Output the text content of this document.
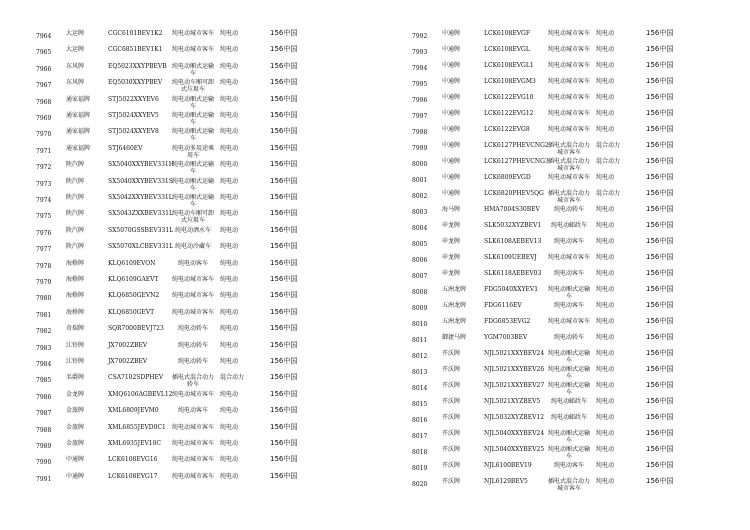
7964 大运牌	CGC6101BEV1K2	纯电动城市客车	纯电动	156中国
7965 大运牌	CGC6851BEV1K1	纯电动城市客车	纯电动	156中国
7966 东风牌	EQ5023XXYPBEVB 纯电动厢式运输车
纯电动	156中国
7967 东风牌	EQ5030XXYPBEV	纯电动车厢可卸式垃圾车
纯电动	156中国
7968 通家福牌	STJ5022XXYEV6	纯电动厢式运输车
纯电动	156中国
7969 通家福牌	STJ5024XXYEV5	纯电动厢式运输车
纯电动	156中国
7970 通家福牌	STJ5024XXYEV8	纯电动厢式运输车
纯电动	156中国
7971 通家福牌	STJ6460EV	纯电动多用途乘用车
纯电动	156中国
7972 陕汽牌	SX5040XXYBEV331H
纯电动厢式运输车
纯电动	156中国
7973 陕汽牌	SX5040XXYBEV331S 纯电动厢式运输车
纯电动	156中国
7974 陕汽牌	SX5042XXYBEV331L 纯电动厢式运输车
纯电动	156中国
7975 陕汽牌	SX5043ZXXBEV331L 纯电动车厢可卸式垃圾车
纯电动	156中国
7976 陕汽牌	SX5070GSSBEV331L 纯电动洒水车	纯电动	156中国
7977 陕汽牌	SX5070XLCBEV331L 纯电动冷藏车	纯电动	156中国
7978 海格牌	KLQ6109EVON	纯电动客车	纯电动	156中国
7979 海格牌	KLQ6109GAEVT	纯电动城市客车	纯电动	156中国
7980 海格牌	KLQ6850GEVN2	纯电动城市客车	纯电动	156中国
7981 海格牌	KLQ6850GEVT	纯电动城市客车	纯电动	156中国
7982 奇瑞牌	SQR7000BEVJ723	纯电动轿车	纯电动	156中国
7983 江铃牌	JX7002ZBEV	纯电动轿车	纯电动	156中国
7984 江铃牌	JX7002ZBEV	纯电动轿车	纯电动	156中国
7985 名爵牌	CSA7102SDPHEV	插电式混合动力轿车
混合动力	156中国
7986 金龙牌	XMQ6106AGBEVL12 纯电动城市客车	纯电动	156中国
7987 金旅牌	XML6809JEVM0	纯电动客车	纯电动	156中国
7988 金旅牌	XML6855JEVD0C1	纯电动城市客车	纯电动	156中国
7989 金旅牌	XML6935JEV10C	纯电动城市客车	纯电动	156中国
7990 中通牌	LCK6108EVG16	纯电动城市客车	纯电动	156中国
7991 中通牌	LCK6108EVG17	纯电动城市客车	纯电动	156中国
7992 中通牌	LCK6108EVGF	纯电动城市客车	纯电动	156中国
7993 中通牌	LCK6108EVGL	纯电动城市客车	纯电动	156中国
7994 中通牌	LCK6108EVGL1	纯电动城市客车	纯电动	156中国
7995 中通牌	LCK6108EVGM3	纯电动城市客车	纯电动	156中国
7996 中通牌	LCK6122EVG10	纯电动城市客车	纯电动	156中国
7997 中通牌	LCK6122EVG12	纯电动城市客车	纯电动	156中国
7998 中通牌	LCK6122EVG8	纯电动城市客车	纯电动	156中国
7999 中通牌	LCK6127PHEVCNG2 插电式混合动力城市客车
混合动力	156中国
8000 中通牌	LCK6127PHEVCNG3 插电式混合动力城市客车
混合动力	156中国
8001 中通牌	LCK6809EVGD	纯电动城市客车	纯电动	156中国
8002 中通牌	LCK6820PHEV5QG 插电式混合动力城市客车
混合动力	156中国
8003 海马牌	HMA7004S30BEV	纯电动轿车	纯电动	156中国
8004 申龙牌	SLK5032XYZBEV1	纯电动邮政车	纯电动	156中国
8005 申龙牌	SLK6108AEBEV13	纯电动客车	纯电动	156中国
8006 申龙牌	SLK6109UEBEVJ	纯电动城市客车	纯电动	156中国
8007 申龙牌	SLK6118AEBEV03	纯电动客车	纯电动	156中国
8008 五洲龙牌	FDG5040XXYEV1	纯电动厢式运输车
纯电动	156中国
8009 五洲龙牌	FDG6116EV	纯电动客车	纯电动	156中国
8010 五洲龙牌	FDG6853EVG2	纯电动城市客车	纯电动	156中国
8011 御捷马牌	YGM7003BEV	纯电动轿车	纯电动	156中国
8012 开沃牌	NJL5021XXYBEV24 纯电动厢式运输车
纯电动	156中国
8013 开沃牌	NJL5021XXYBEV26 纯电动厢式运输车
纯电动	156中国
8014 开沃牌	NJL5021XXYBEV27 纯电动厢式运输车
纯电动	156中国
8015 开沃牌	NJL5021XYZBEV5	纯电动邮政车	纯电动	156中国
8016 开沃牌	NJL5032XYZBEV12	纯电动邮政车	纯电动	156中国
8017 开沃牌	NJL5040XXYBEV24 纯电动厢式运输车
纯电动	156中国
8018 开沃牌	NJL5040XXYBEV25 纯电动厢式运输车
纯电动	156中国
8019 开沃牌	NJL6100BEV19	纯电动客车	纯电动	156中国
8020 开沃牌	NJL6129BEV5	插电式混合动力城市客车
纯电动	156中国
